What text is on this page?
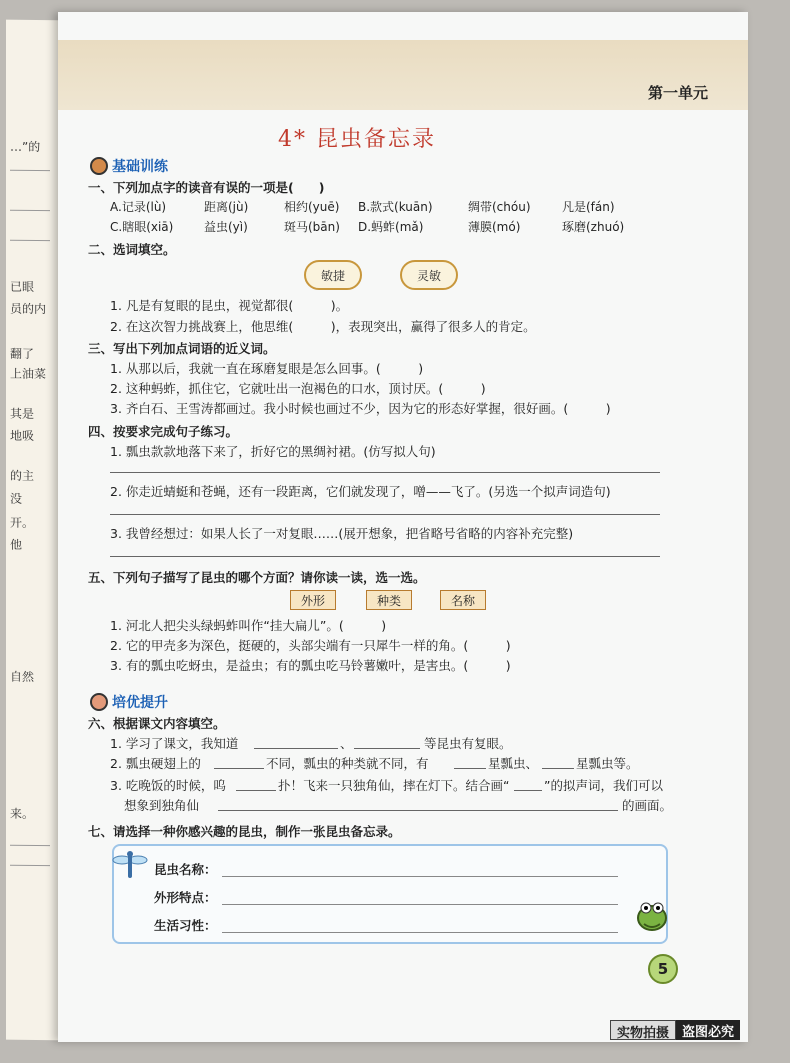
…”的
已眼
员的内
翻了
上油菜
其是
地吸
的主
没
开。
他
自然
来。
第一单元
4* 昆虫备忘录
基础训练
一、下列加点字的读音有误的一项是(　　)
A.记录(lù)	距离(jù)	相约(yuē) B.款式(kuān)	绸带(chóu)	凡是(fán)
C.瞎眼(xiā)	益虫(yì)	斑马(bān) D.蚂蚱(mǎ)	薄膜(mó)	琢磨(zhuó)
二、选词填空。
敏捷	灵敏
1. 凡是有复眼的昆虫，视觉都很(　　　)。
2. 在这次智力挑战赛上，他思维(　　　)，表现突出，赢得了很多人的肯定。
三、写出下列加点词语的近义词。
1. 从那以后，我就一直在琢磨复眼是怎么回事。(　　　)
2. 这种蚂蚱，抓住它，它就吐出一泡褐色的口水，顶讨厌。(　　　)
3. 齐白石、王雪涛都画过。我小时候也画过不少，因为它的形态好掌握，很好画。(　　　)
四、按要求完成句子练习。
1. 瓢虫款款地落下来了，折好它的黑绸衬裙。(仿写拟人句)
2. 你走近蜻蜓和苍蝇，还有一段距离，它们就发现了，噌——飞了。(另选一个拟声词造句)
3. 我曾经想过：如果人长了一对复眼……(展开想象，把省略号省略的内容补充完整)
五、下列句子描写了昆虫的哪个方面？请你读一读，选一选。
外形	种类	名称
1. 河北人把尖头绿蚂蚱叫作“挂大扁儿”。(　　　)
2. 它的甲壳多为深色，挺硬的，头部尖端有一只犀牛一样的角。(　　　)
3. 有的瓢虫吃蚜虫，是益虫；有的瓢虫吃马铃薯嫩叶，是害虫。(　　　)
培优提升
六、根据课文内容填空。
1. 学习了课文，我知道	、	等昆虫有复眼。
2. 瓢虫硬翅上的	不同，瓢虫的种类就不同，有	星瓢虫、	星瓢虫等。
3. 吃晚饭的时候，呜	扑！飞来一只独角仙，摔在灯下。结合画“	”的拟声词，我们可以
想象到独角仙	的画面。
七、请选择一种你感兴趣的昆虫，制作一张昆虫备忘录。
昆虫名称：
外形特点：
生活习性：
5
实物拍摄	盗图必究
